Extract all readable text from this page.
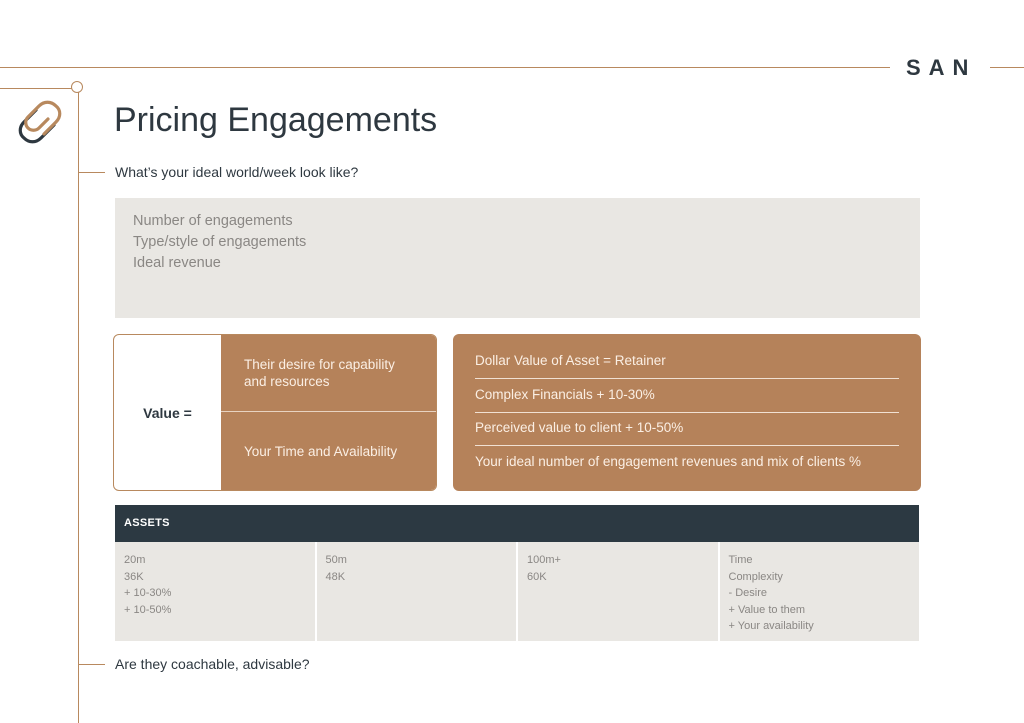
SAN
Pricing Engagements
What’s your ideal world/week look like?
Number of engagements
Type/style of engagements
Ideal revenue
Value =
Their desire for capability and resources
Your Time and Availability
Dollar Value of Asset = Retainer
Complex Financials + 10-30%
Perceived value to client + 10-50%
Your ideal number of engagement revenues and mix of clients %
ASSETS
20m
36K
+ 10-30%
+ 10-50%
50m
48K
100m+
60K
Time
Complexity
- Desire
+ Value to them
+ Your availability
Are they coachable, advisable?
